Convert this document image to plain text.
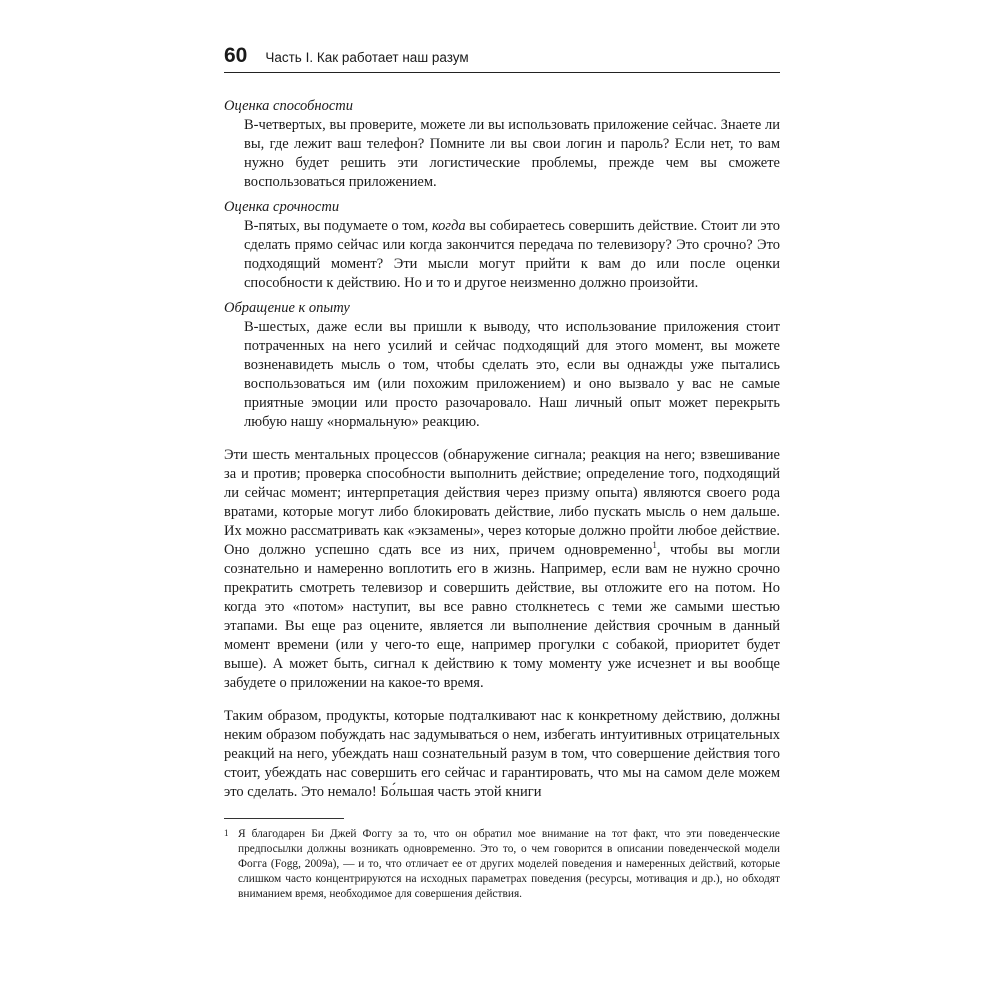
60 Часть I. Как работает наш разум

Оценка способности

В-четвертых, вы проверите, можете ли вы использовать приложение сейчас. Знаете ли вы, где лежит ваш телефон? Помните ли вы свои логин и пароль? Если нет, то вам нужно будет решить эти логистические проблемы, прежде чем вы сможете воспользоваться приложением.

Оценка срочности

В-пятых, вы подумаете о том, когда вы собираетесь совершить действие. Стоит ли это сделать прямо сейчас или когда закончится передача по телевизору? Это срочно? Это подходящий момент? Эти мысли могут прийти к вам до или после оценки способности к действию. Но и то и другое неизменно должно произойти.

Обращение к опыту

В-шестых, даже если вы пришли к выводу, что использование приложения стоит потраченных на него усилий и сейчас подходящий для этого момент, вы можете возненавидеть мысль о том, чтобы сделать это, если вы однажды уже пытались воспользоваться им (или похожим приложением) и оно вызвало у вас не самые приятные эмоции или просто разочаровало. Наш личный опыт может перекрыть любую нашу «нормальную» реакцию.

Эти шесть ментальных процессов (обнаружение сигнала; реакция на него; взвешивание за и против; проверка способности выполнить действие; определение того, подходящий ли сейчас момент; интерпретация действия через призму опыта) являются своего рода вратами, которые могут либо блокировать действие, либо пускать мысль о нем дальше. Их можно рассматривать как «экзамены», через которые должно пройти любое действие. Оно должно успешно сдать все из них, причем одновременно$^1$, чтобы вы могли сознательно и намеренно воплотить его в жизнь. Например, если вам не нужно срочно прекратить смотреть телевизор и совершить действие, вы отложите его на потом. Но когда это «потом» наступит, вы все равно столкнетесь с теми же самыми шестью этапами. Вы еще раз оцените, является ли выполнение действия срочным в данный момент времени (или у чего-то еще, например прогулки с собакой, приоритет будет выше). А может быть, сигнал к действию к тому моменту уже исчезнет и вы вообще забудете о приложении на какое-то время.

Таким образом, продукты, которые подталкивают нас к конкретному действию, должны неким образом побуждать нас задумываться о нем, избегать интуитивных отрицательных реакций на него, убеждать наш сознательный разум в том, что совершение действия того стоит, убеждать нас совершить его сейчас и гарантировать, что мы на самом деле можем это сделать. Это немало! Бо́льшая часть этой книги

1 Я благодарен Би Джей Фоггу за то, что он обратил мое внимание на тот факт, что эти поведенческие предпосылки должны возникать одновременно. Это то, о чем говорится в описании поведенческой модели Фогга (Fogg, 2009a), — и то, что отличает ее от других моделей поведения и намеренных действий, которые слишком часто концентрируются на исходных параметрах поведения (ресурсы, мотивация и др.), но обходят вниманием время, необходимое для совершения действия.
